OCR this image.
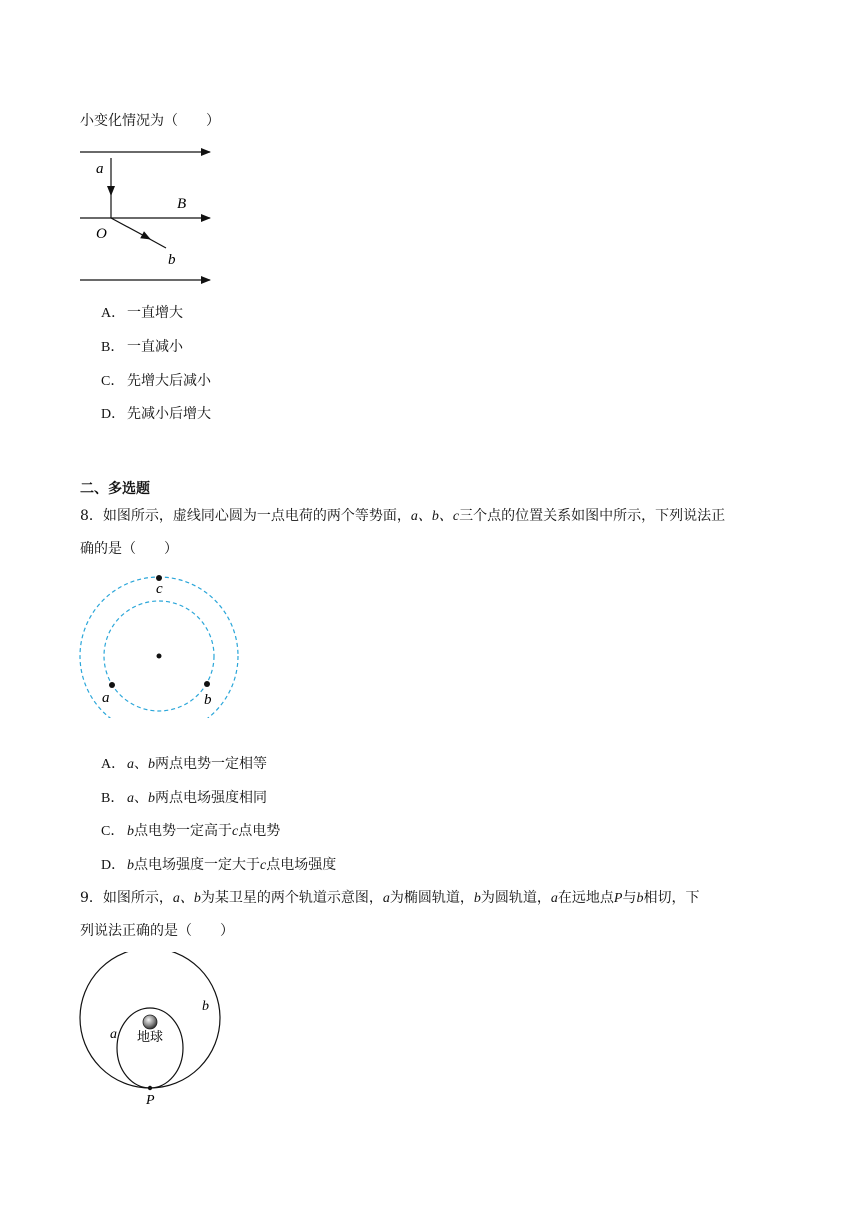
小变化情况为（　　）
a
B
O
b
A． 一直增大
B． 一直减小
C． 先增大后减小
D． 先减小后增大
二、多选题
8．如图所示，虚线同心圆为一点电荷的两个等势面，a、b、c三个点的位置关系如图中所示，下列说法正
确的是（　　）
c
a	b
A． a、b两点电势一定相等
B． a、b两点电场强度相同
C． b点电势一定高于c点电势
D． b点电场强度一定大于c点电场强度
9．如图所示，a、b为某卫星的两个轨道示意图，a为椭圆轨道，b为圆轨道，a在远地点P与b相切，下
列说法正确的是（　　）
地球
a
b
P
